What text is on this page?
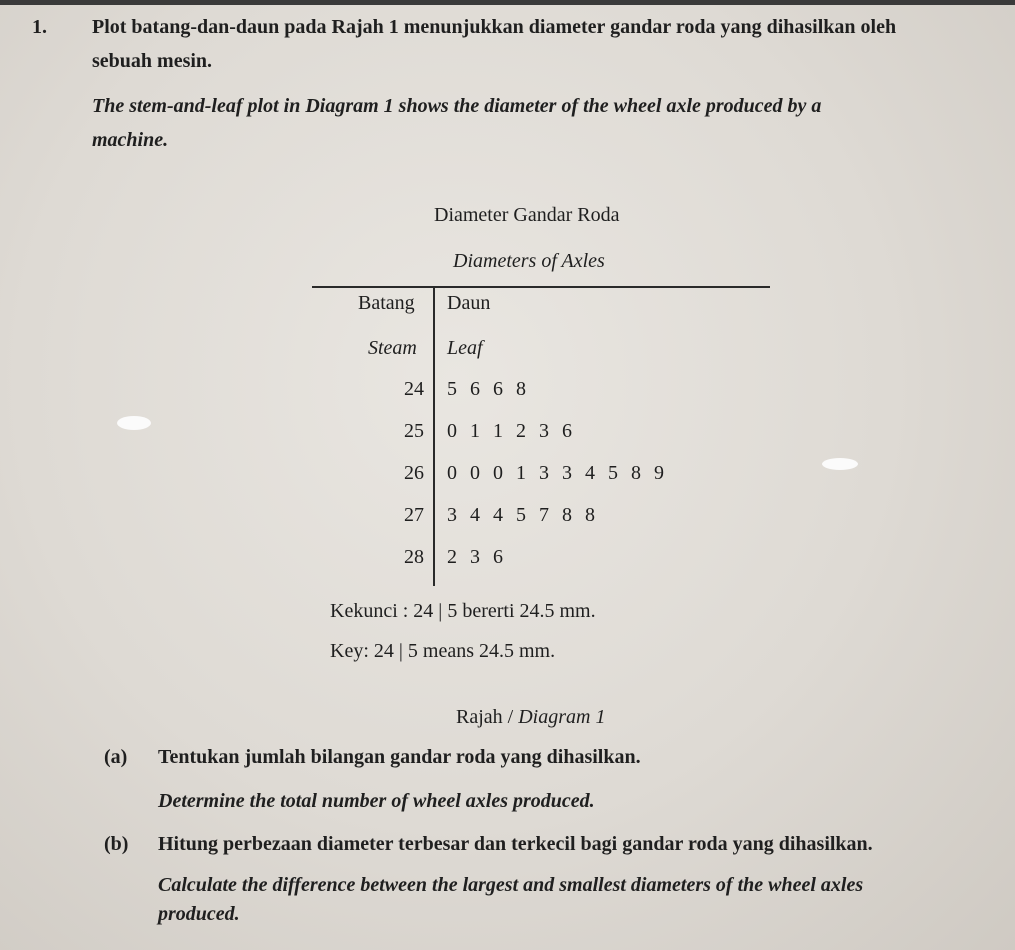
1. Plot batang-dan-daun pada Rajah 1 menunjukkan diameter gandar roda yang dihasilkan oleh
sebuah mesin.
The stem-and-leaf plot in Diagram 1 shows the diameter of the wheel axle produced by a
machine.
Diameter Gandar Roda
Diameters of Axles
Batang Daun
Steam Leaf
24 5 6 6 8
25 0 1 1 2 3 6
26 0 0 0 1 3 3 4 5 8 9
27 3 4 4 5 7 8 8
28 2 3 6
Kekunci : 24 | 5 bererti 24.5 mm.
Key: 24 | 5 means 24.5 mm.
Rajah / Diagram 1
(a) Tentukan jumlah bilangan gandar roda yang dihasilkan.
Determine the total number of wheel axles produced.
(b) Hitung perbezaan diameter terbesar dan terkecil bagi gandar roda yang dihasilkan.
Calculate the difference between the largest and smallest diameters of the wheel axles
produced.
